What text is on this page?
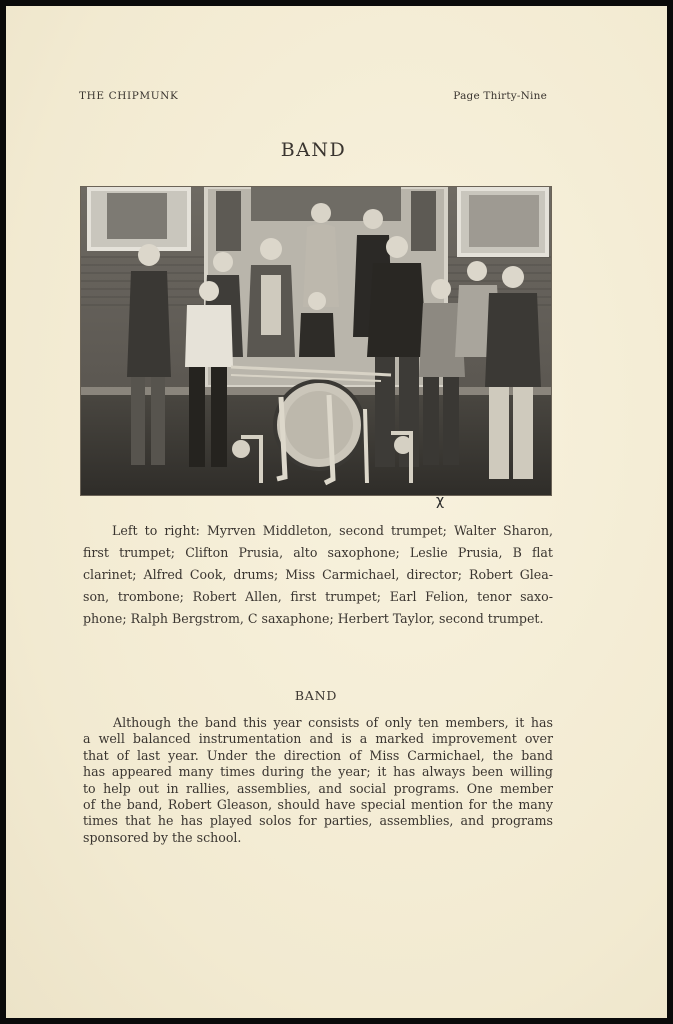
THE CHIPMUNK	Page Thirty-Nine
BAND
χ
Left to right: Myrven Middleton, second trumpet; Walter Sharon,
first trumpet; Clifton Prusia, alto saxophone; Leslie Prusia, B flat
clarinet; Alfred Cook, drums; Miss Carmichael, director; Robert Glea-
son, trombone; Robert Allen, first trumpet; Earl Felion, tenor saxo-
phone; Ralph Bergstrom, C saxaphone; Herbert Taylor, second trumpet.
BAND
Although the band this year consists of only ten members, it has
a well balanced instrumentation and is a marked improvement over
that of last year. Under the direction of Miss Carmichael, the band
has appeared many times during the year; it has always been willing
to help out in rallies, assemblies, and social programs. One member
of the band, Robert Gleason, should have special mention for the many
times that he has played solos for parties, assemblies, and programs
sponsored by the school.
